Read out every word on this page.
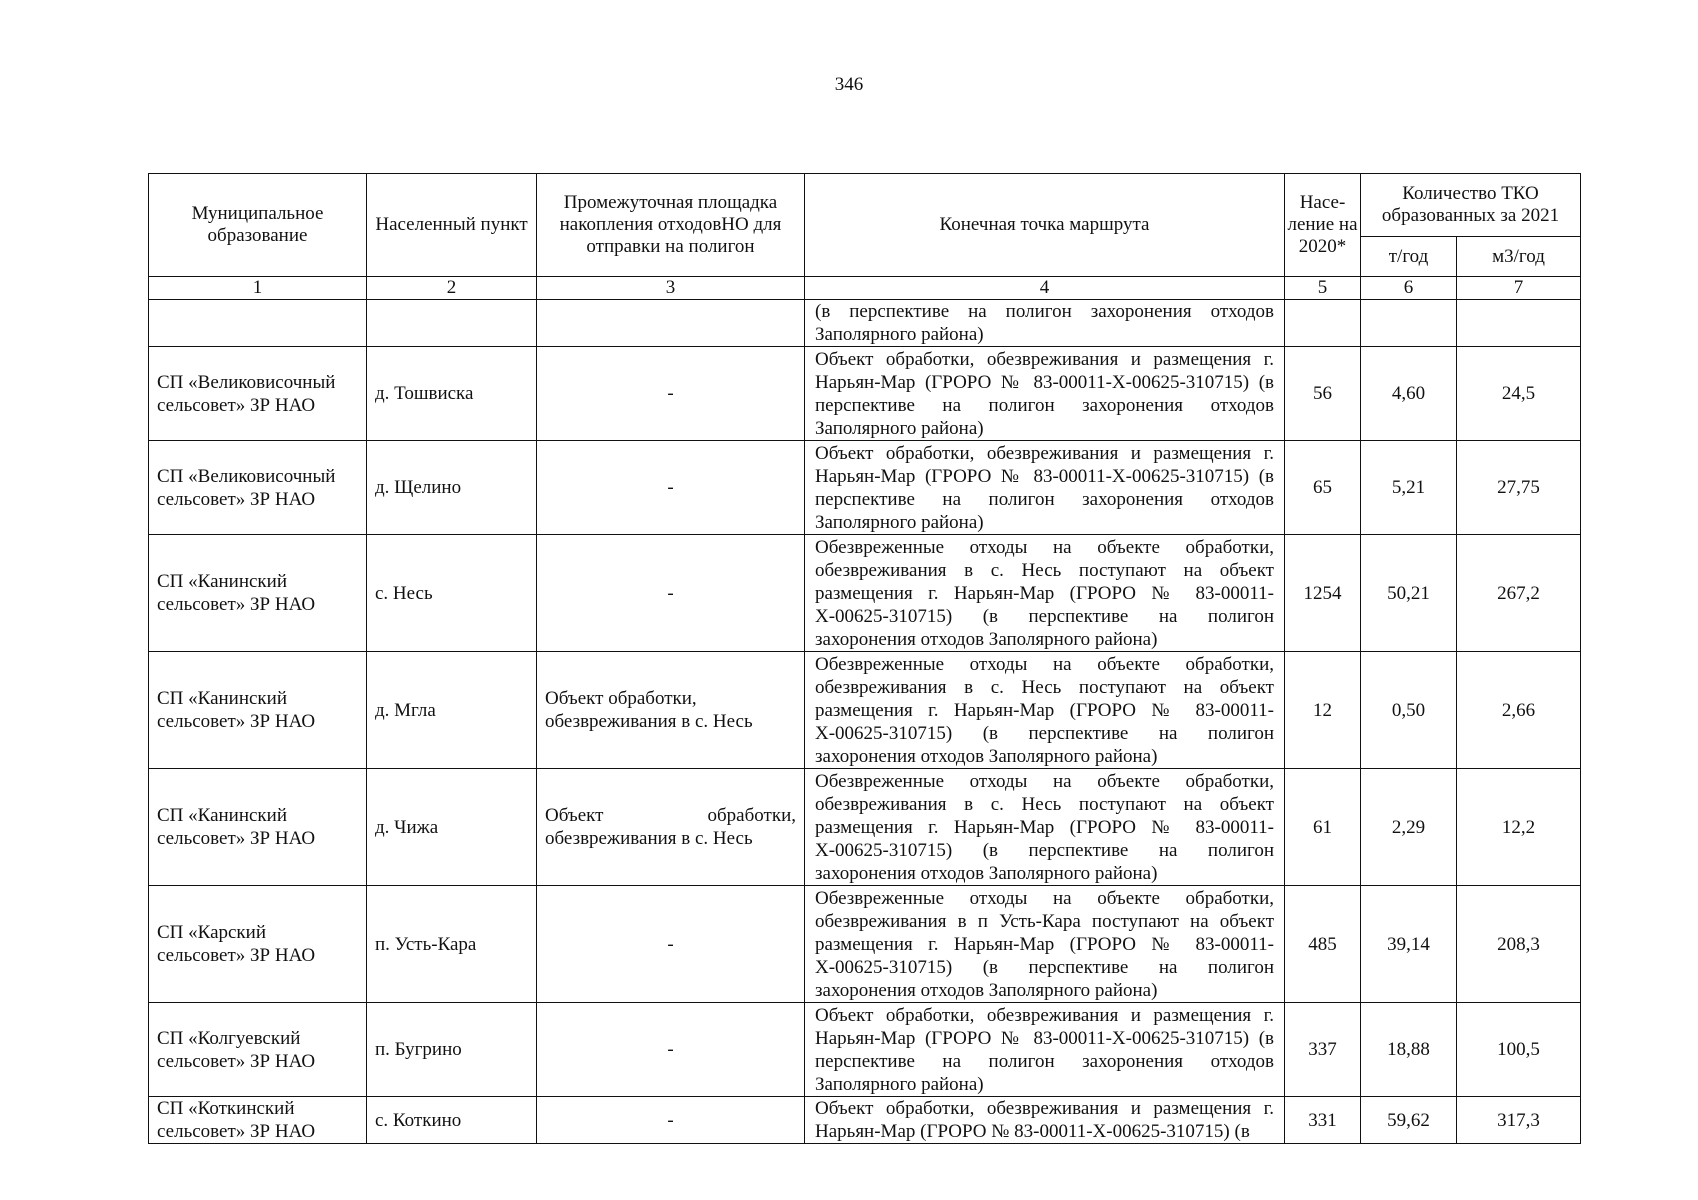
346
Муниципальное образование	Населенный пункт	Промежуточная площадка накопления отходовНО для отправки на полигон	Конечная точка маршрута	Насе-ление на 2020*	Количество ТКО образованных за 2021	
					т/год	м3/год
1	2	3	4	5	6	7
			(в перспективе на полигон захоронения отходов Заполярного района)			
СП «Великовисочный сельсовет» ЗР НАО	д. Тошвиска	-	Объект обработки, обезвреживания и размещения г. Нарьян-Мар (ГРОРО № 83-00011-Х-00625-310715) (в перспективе на полигон захоронения отходов Заполярного района)	56	4,60	24,5
СП «Великовисочный сельсовет» ЗР НАО	д. Щелино	-	Объект обработки, обезвреживания и размещения г. Нарьян-Мар (ГРОРО № 83-00011-Х-00625-310715) (в перспективе на полигон захоронения отходов Заполярного района)	65	5,21	27,75
СП «Канинский сельсовет» ЗР НАО	с. Несь	-	Обезвреженные отходы на объекте обработки, обезвреживания в с. Несь поступают на объект размещения г. Нарьян-Мар (ГРОРО № 83-00011-Х-00625-310715) (в перспективе на полигон захоронения отходов Заполярного района)	1254	50,21	267,2
СП «Канинский сельсовет» ЗР НАО	д. Мгла	Объект обработки, обезвреживания в с. Несь	Обезвреженные отходы на объекте обработки, обезвреживания в с. Несь поступают на объект размещения г. Нарьян-Мар (ГРОРО № 83-00011-Х-00625-310715) (в перспективе на полигон захоронения отходов Заполярного района)	12	0,50	2,66
СП «Канинский сельсовет» ЗР НАО	д. Чижа	Объект обработки, обезвреживания в с. Несь	Обезвреженные отходы на объекте обработки, обезвреживания в с. Несь поступают на объект размещения г. Нарьян-Мар (ГРОРО № 83-00011-Х-00625-310715) (в перспективе на полигон захоронения отходов Заполярного района)	61	2,29	12,2
СП «Карский сельсовет» ЗР НАО	п. Усть-Кара	-	Обезвреженные отходы на объекте обработки, обезвреживания в п Усть-Кара поступают на объект размещения г. Нарьян-Мар (ГРОРО № 83-00011-Х-00625-310715) (в перспективе на полигон захоронения отходов Заполярного района)	485	39,14	208,3
СП «Колгуевский сельсовет» ЗР НАО	п. Бугрино	-	Объект обработки, обезвреживания и размещения г. Нарьян-Мар (ГРОРО № 83-00011-Х-00625-310715) (в перспективе на полигон захоронения отходов Заполярного района)	337	18,88	100,5
СП «Коткинский сельсовет» ЗР НАО	с. Коткино	-	Объект обработки, обезвреживания и размещения г. Нарьян-Мар (ГРОРО № 83-00011-Х-00625-310715) (в	331	59,62	317,3
